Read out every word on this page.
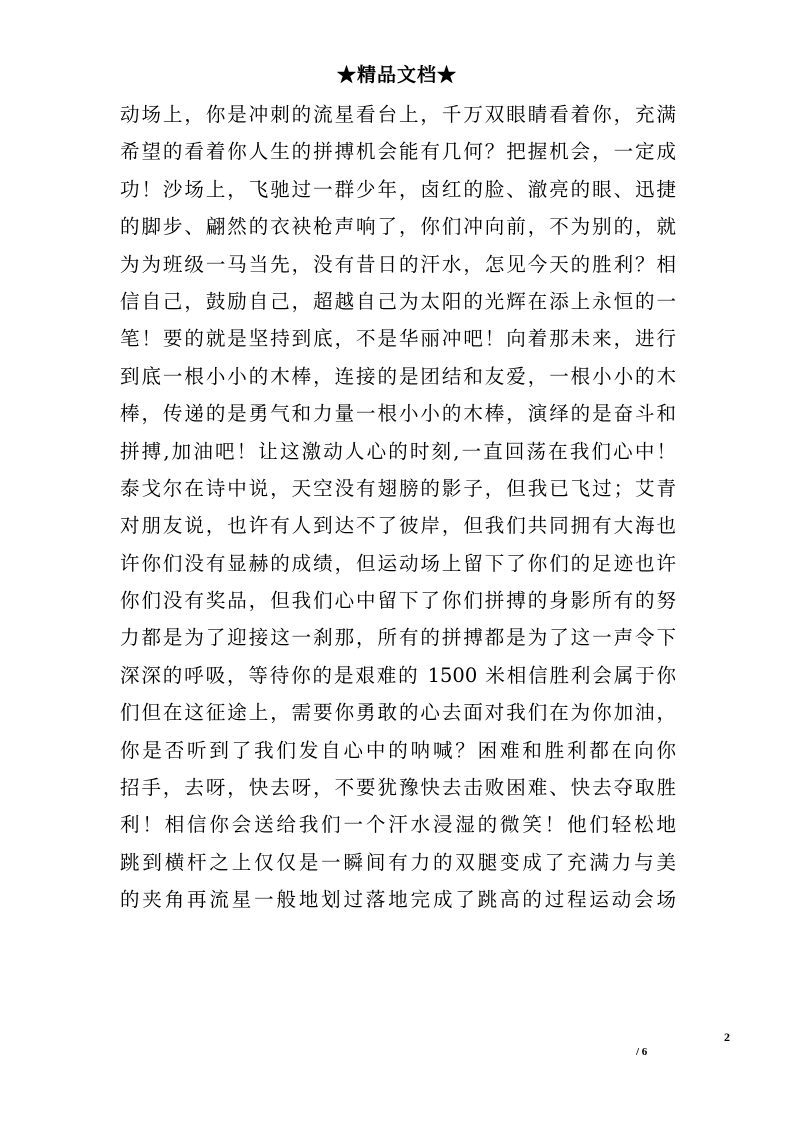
★精品文档★
动场上，你是冲刺的流星看台上，千万双眼睛看着你，充满
希望的看着你人生的拼搏机会能有几何？把握机会，一定成
功！沙场上，飞驰过一群少年，卤红的脸、澈亮的眼、迅捷
的脚步、翩然的衣袂枪声响了，你们冲向前，不为别的，就
为为班级一马当先，没有昔日的汗水，怎见今天的胜利？相
信自己，鼓励自己，超越自己为太阳的光辉在添上永恒的一
笔！要的就是坚持到底，不是华丽冲吧！向着那未来，进行
到底一根小小的木棒，连接的是团结和友爱，一根小小的木
棒，传递的是勇气和力量一根小小的木棒，演绎的是奋斗和
拼搏,加油吧！让这激动人心的时刻,一直回荡在我们心中！
泰戈尔在诗中说，天空没有翅膀的影子，但我已飞过；艾青
对朋友说，也许有人到达不了彼岸，但我们共同拥有大海也
许你们没有显赫的成绩，但运动场上留下了你们的足迹也许
你们没有奖品，但我们心中留下了你们拼搏的身影所有的努
力都是为了迎接这一刹那，所有的拼搏都是为了这一声令下
深深的呼吸，等待你的是艰难的 1500 米相信胜利会属于你
们但在这征途上，需要你勇敢的心去面对我们在为你加油，
你是否听到了我们发自心中的呐喊？困难和胜利都在向你
招手，去呀，快去呀，不要犹豫快去击败困难、快去夺取胜
利！相信你会送给我们一个汗水浸湿的微笑！他们轻松地
跳到横杆之上仅仅是一瞬间有力的双腿变成了充满力与美
的夹角再流星一般地划过落地完成了跳高的过程运动会场
2
/ 6
